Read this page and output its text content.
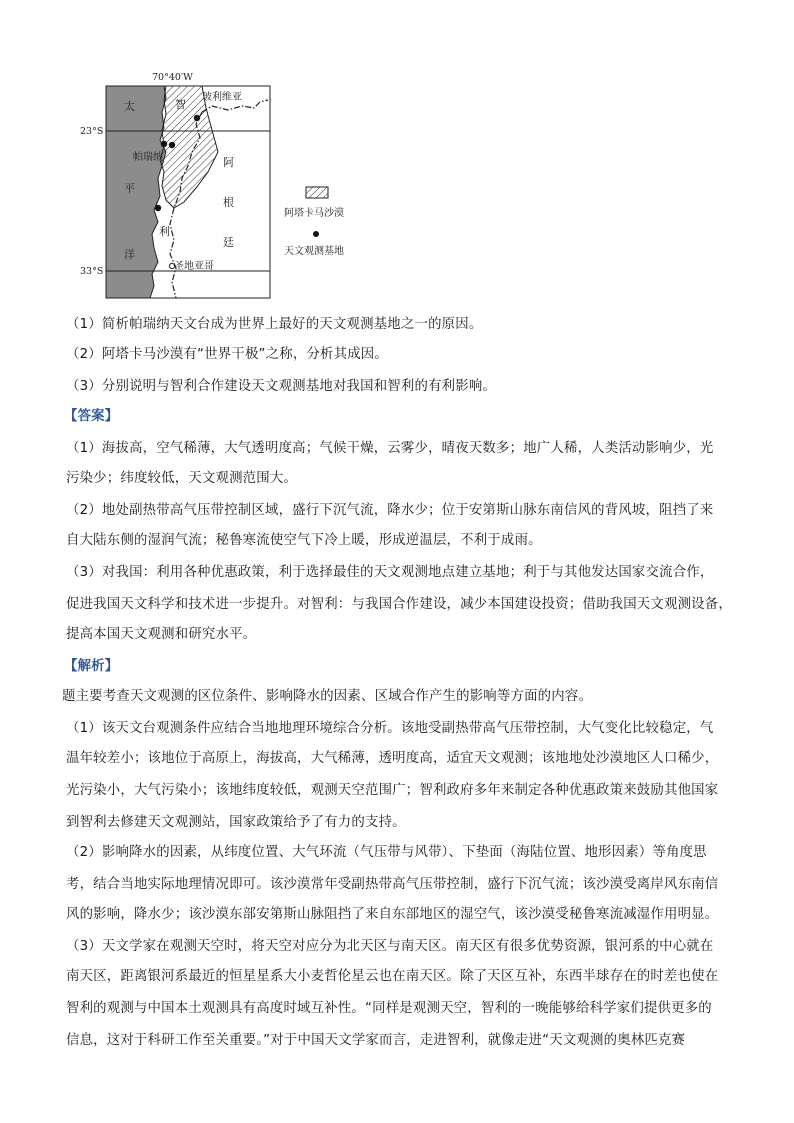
70°40′W
23°S
33°S
太
平
洋
智
利
玻利维亚
帕瑞纳	阿
根
廷
圣地亚哥
阿塔卡马沙漠
天文观测基地
（1）简析帕瑞纳天文台成为世界上最好的天文观测基地之一的原因。
（2）阿塔卡马沙漠有“世界干极”之称，分析其成因。
（3）分别说明与智利合作建设天文观测基地对我国和智利的有利影响。
【答案】
（1）海拔高，空气稀薄，大气透明度高；气候干燥，云雾少，晴夜天数多；地广人稀，人类活动影响少，光
污染少；纬度较低，天文观测范围大。
（2）地处副热带高气压带控制区域，盛行下沉气流，降水少；位于安第斯山脉东南信风的背风坡，阻挡了来
自大陆东侧的湿润气流；秘鲁寒流使空气下冷上暖，形成逆温层，不利于成雨。
（3）对我国：利用各种优惠政策，利于选择最佳的天文观测地点建立基地；利于与其他发达国家交流合作，
促进我国天文科学和技术进一步提升。对智利：与我国合作建设，减少本国建设投资；借助我国天文观测设备，
提高本国天文观测和研究水平。
【解析】
题主要考查天文观测的区位条件、影响降水的因素、区域合作产生的影响等方面的内容。
（1）该天文台观测条件应结合当地地理环境综合分析。该地受副热带高气压带控制，大气变化比较稳定，气
温年较差小；该地位于高原上，海拔高，大气稀薄，透明度高，适宜天文观测；该地地处沙漠地区人口稀少，
光污染小，大气污染小；该地纬度较低，观测天空范围广；智利政府多年来制定各种优惠政策来鼓励其他国家
到智利去修建天文观测站，国家政策给予了有力的支持。
（2）影响降水的因素，从纬度位置、大气环流（气压带与风带）、下垫面（海陆位置、地形因素）等角度思
考，结合当地实际地理情况即可。该沙漠常年受副热带高气压带控制，盛行下沉气流；该沙漠受离岸风东南信
风的影响，降水少；该沙漠东部安第斯山脉阻挡了来自东部地区的湿空气，该沙漠受秘鲁寒流减湿作用明显。
（3）天文学家在观测天空时，将天空对应分为北天区与南天区。南天区有很多优势资源，银河系的中心就在
南天区，距离银河系最近的恒星星系大小麦哲伦星云也在南天区。除了天区互补，东西半球存在的时差也使在
智利的观测与中国本土观测具有高度时域互补性。“同样是观测天空，智利的一晚能够给科学家们提供更多的
信息，这对于科研工作至关重要。”对于中国天文学家而言，走进智利，就像走进“天文观测的奥林匹克赛
